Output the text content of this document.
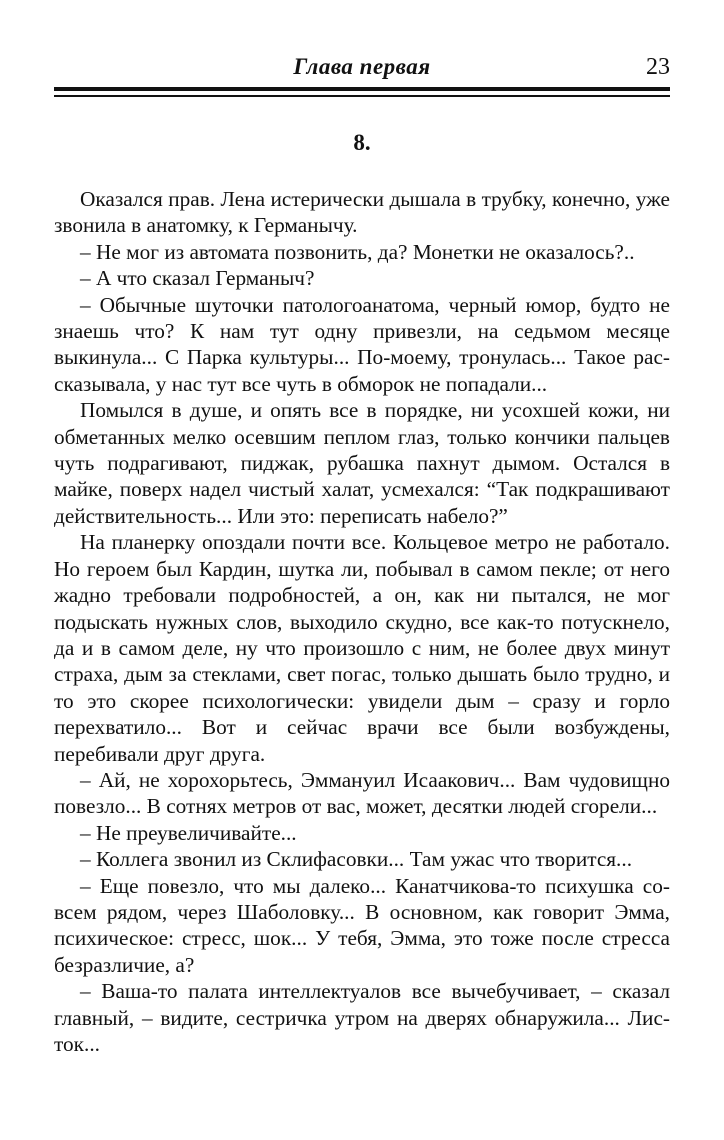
Глава первая	23
8.

Оказался прав. Лена истерически дышала в трубку, конечно, уже звонила в анатомку, к Германычу.

– Не мог из автомата позвонить, да? Монетки не оказалось?..

– А что сказал Германыч?

– Обычные шуточки патологоанатома, черный юмор, будто не знаешь что? К нам тут одну привезли, на седьмом месяце выкинула... С Парка культуры... По-моему, тронулась... Такое рассказывала, у нас тут все чуть в обморок не попадали...

Помылся в душе, и опять все в порядке, ни усохшей кожи, ни обметанных мелко осевшим пеплом глаз, только кончики пальцев чуть подрагивают, пиджак, рубашка пахнут дымом. Остался в майке, поверх надел чистый халат, усмехался: “Так подкрашивают действительность... Или это: переписать набело?”

На планерку опоздали почти все. Кольцевое метро не работало. Но героем был Кардин, шутка ли, побывал в самом пекле; от него жадно требовали подробностей, а он, как ни пытался, не мог подыскать нужных слов, выходило скудно, все как-то потускнело, да и в самом деле, ну что произошло с ним, не более двух минут страха, дым за стеклами, свет погас, только дышать было трудно, и то это скорее психологически: увидели дым – сразу и горло перехватило... Вот и сейчас врачи все были возбуждены, перебивали друг друга.

– Ай, не хорохорьтесь, Эммануил Исаакович... Вам чудовищно повезло... В сотнях метров от вас, может, десятки людей сгорели...

– Не преувеличивайте...

– Коллега звонил из Склифасовки... Там ужас что творится...

– Еще повезло, что мы далеко... Канатчикова-то психушка совсем рядом, через Шаболовку... В основном, как говорит Эмма, психическое: стресс, шок... У тебя, Эмма, это тоже после стресса безразличие, а?

– Ваша-то палата интеллектуалов все вычебучивает, – сказал главный, – видите, сестричка утром на дверях обнаружила... Листок...
